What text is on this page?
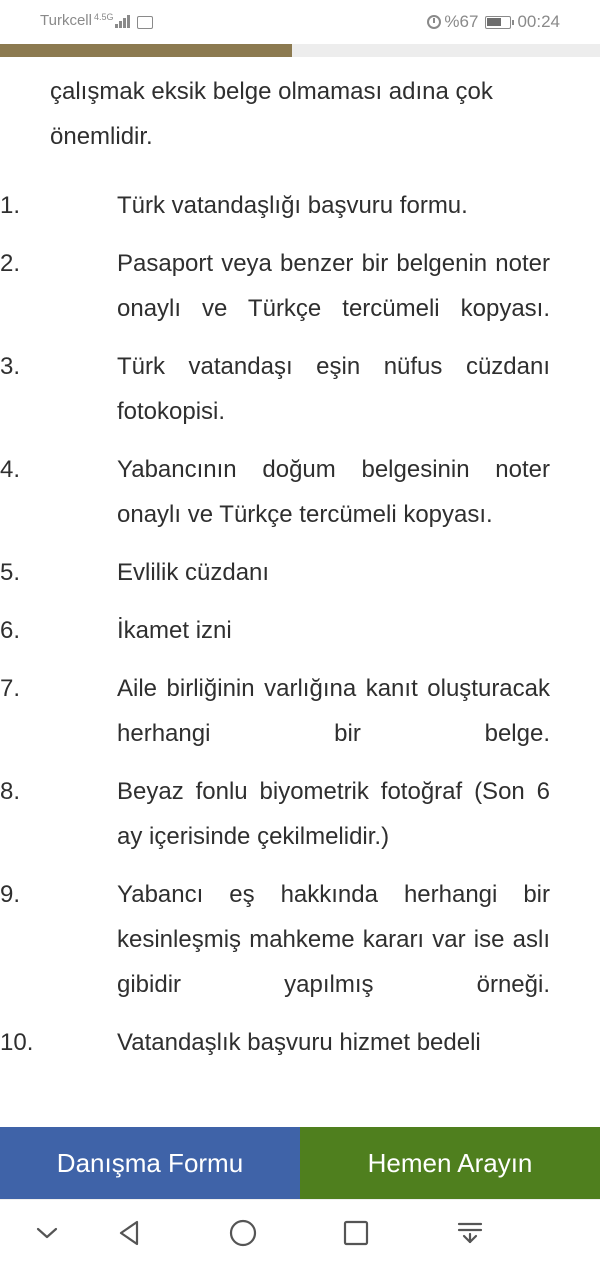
Turkcell 4.5G	%67 00:24

çalışmak eksik belge olmaması adına çok önemlidir.

1.	Türk vatandaşlığı başvuru formu.
2.	Pasaport veya benzer bir belgenin noter onaylı ve Türkçe tercümeli kopyası.
3.	Türk vatandaşı eşin nüfus cüzdanı fotokopisi.
4.	Yabancının doğum belgesinin noter onaylı ve Türkçe tercümeli kopyası.
5.	Evlilik cüzdanı
6.	İkamet izni
7.	Aile birliğinin varlığına kanıt oluşturacak herhangi bir belge.
8.	Beyaz fonlu biyometrik fotoğraf (Son 6 ay içerisinde çekilmelidir.)
9.	Yabancı eş hakkında herhangi bir kesinleşmiş mahkeme kararı var ise aslı gibidir yapılmış örneği.
10.	Vatandaşlık başvuru hizmet bedeli
Danışma Formu	Hemen Arayın
